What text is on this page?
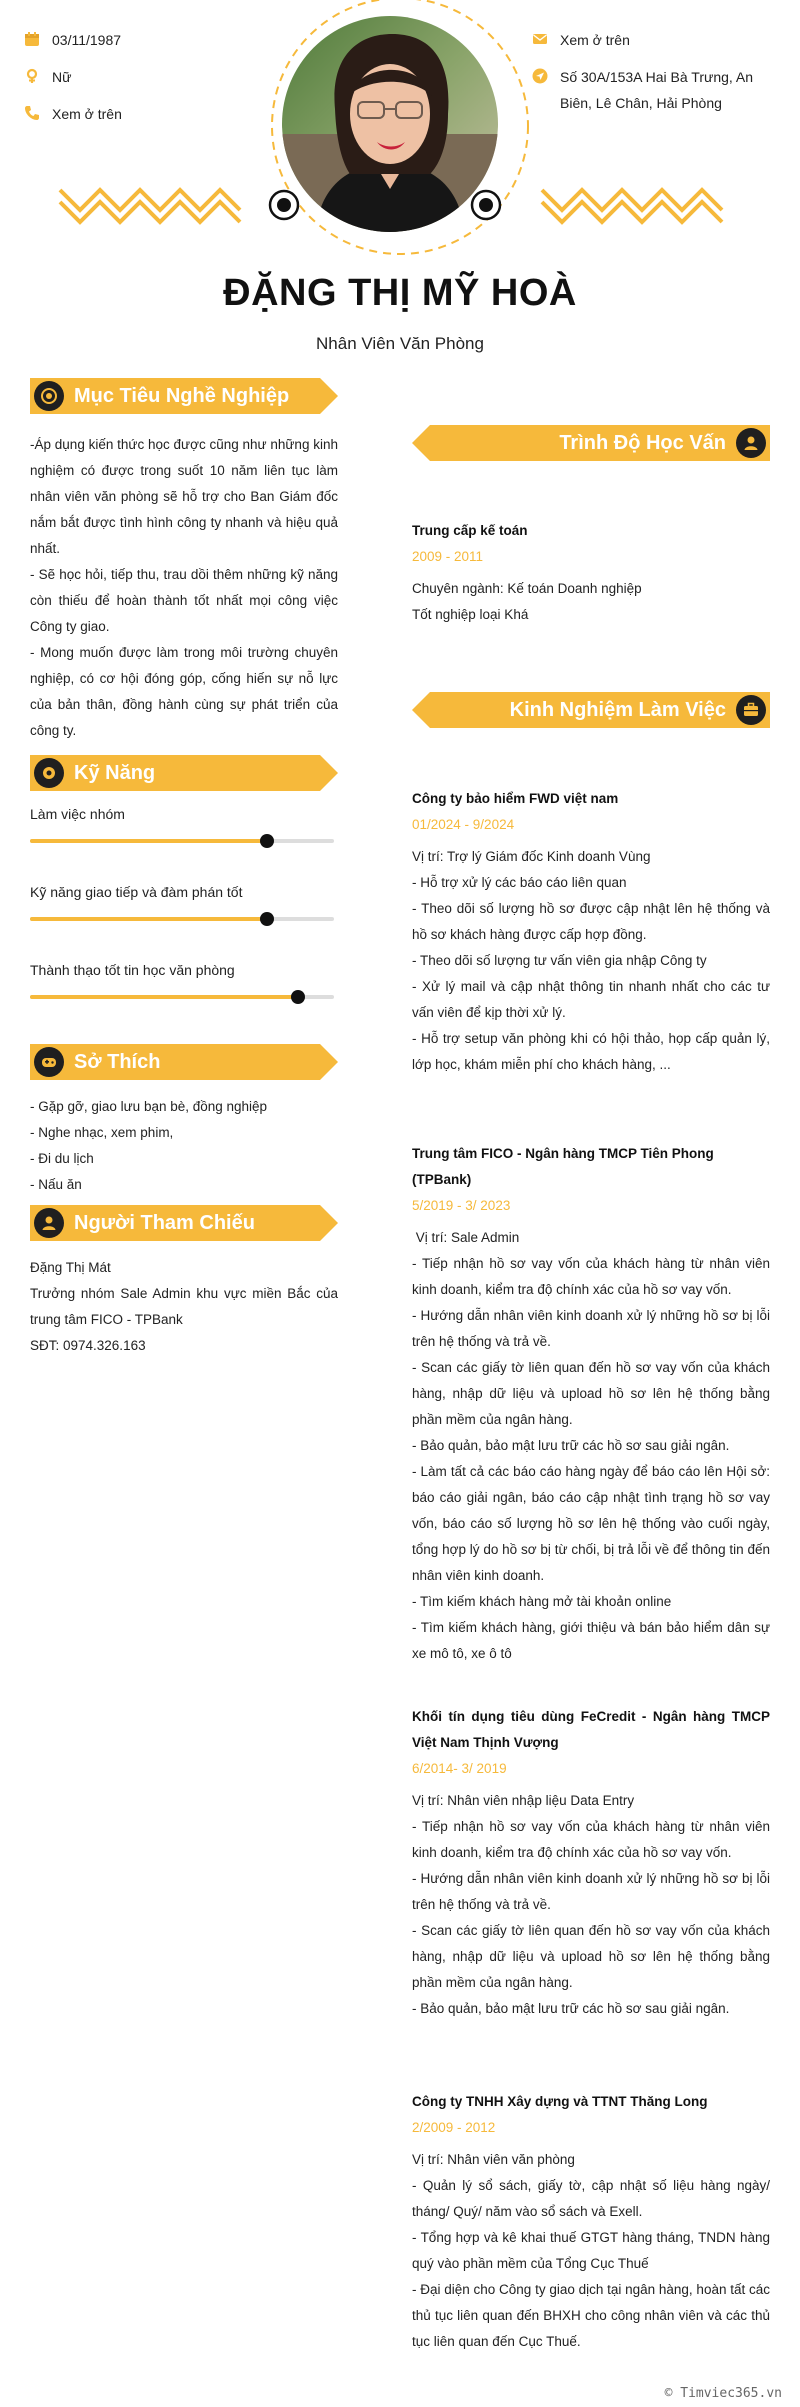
03/11/1987
Nữ
Xem ở trên
Xem ở trên
Số 30A/153A Hai Bà Trưng, An Biên, Lê Chân, Hải Phòng
ĐẶNG THỊ MỸ HOÀ
Nhân Viên Văn Phòng
Mục Tiêu Nghề Nghiệp

-Áp dụng kiến thức học được cũng như những kinh nghiệm có được trong suốt 10 năm liên tục làm nhân viên văn phòng sẽ hỗ trợ cho Ban Giám đốc nắm bắt được tình hình công ty nhanh và hiệu quả nhất.

- Sẽ học hỏi, tiếp thu, trau dồi thêm những kỹ năng còn thiếu để hoàn thành tốt nhất mọi công việc Công ty giao.

- Mong muốn được làm trong môi trường chuyên nghiệp, có cơ hội đóng góp, cống hiến sự nỗ lực của bản thân, đồng hành cùng sự phát triển của công ty.

Kỹ Năng
Làm việc nhóm
Kỹ năng giao tiếp và đàm phán tốt
Thành thạo tốt tin học văn phòng
Sở Thích
- Gặp gỡ, giao lưu bạn bè, đồng nghiệp
- Nghe nhạc, xem phim,
- Đi du lịch
- Nấu ăn
Người Tham Chiếu

Đặng Thị Mát

Trưởng nhóm Sale Admin khu vực miền Bắc của trung tâm FICO - TPBank

SĐT: 0974.326.163

Trình Độ Học Vấn
Trung cấp kế toán
2009 - 2011

Chuyên ngành: Kế toán Doanh nghiệp

Tốt nghiệp loại Khá

Kinh Nghiệm Làm Việc
Công ty bảo hiểm FWD việt nam
01/2024 - 9/2024

Vị trí: Trợ lý Giám đốc Kinh doanh Vùng

- Hỗ trợ xử lý các báo cáo liên quan

- Theo dõi số lượng hồ sơ được cập nhật lên hệ thống và hồ sơ khách hàng được cấp hợp đồng.

- Theo dõi số lượng tư vấn viên gia nhập Công ty

- Xử lý mail và cập nhật thông tin nhanh nhất cho các tư vấn viên để kịp thời xử lý.

- Hỗ trợ setup văn phòng khi có hội thảo, họp cấp quản lý, lớp học, khám miễn phí cho khách hàng, ...

Trung tâm FICO - Ngân hàng TMCP Tiên Phong (TPBank)
5/2019 - 3/ 2023

Vị trí: Sale Admin

- Tiếp nhận hồ sơ vay vốn của khách hàng từ nhân viên kinh doanh, kiểm tra độ chính xác của hồ sơ vay vốn.

- Hướng dẫn nhân viên kinh doanh xử lý những hồ sơ bị lỗi trên hệ thống và trả về.

- Scan các giấy tờ liên quan đến hồ sơ vay vốn của khách hàng, nhập dữ liệu và upload hồ sơ lên hệ thống bằng phần mềm của ngân hàng.

- Bảo quản, bảo mật lưu trữ các hồ sơ sau giải ngân.

- Làm tất cả các báo cáo hàng ngày để báo cáo lên Hội sở: báo cáo giải ngân, báo cáo cập nhật tình trạng hồ sơ vay vốn, báo cáo số lượng hồ sơ lên hệ thống vào cuối ngày, tổng hợp lý do hồ sơ bị từ chối, bị trả lỗi về để thông tin đến nhân viên kinh doanh.

- Tìm kiếm khách hàng mở tài khoản online

- Tìm kiếm khách hàng, giới thiệu và bán bảo hiểm dân sự xe mô tô, xe ô tô

Khối tín dụng tiêu dùng FeCredit - Ngân hàng TMCP Việt Nam Thịnh Vượng
6/2014- 3/ 2019

Vị trí: Nhân viên nhập liệu Data Entry

- Tiếp nhận hồ sơ vay vốn của khách hàng từ nhân viên kinh doanh, kiểm tra độ chính xác của hồ sơ vay vốn.

- Hướng dẫn nhân viên kinh doanh xử lý những hồ sơ bị lỗi trên hệ thống và trả về.

- Scan các giấy tờ liên quan đến hồ sơ vay vốn của khách hàng, nhập dữ liệu và upload hồ sơ lên hệ thống bằng phần mềm của ngân hàng.

- Bảo quản, bảo mật lưu trữ các hồ sơ sau giải ngân.

Công ty TNHH Xây dựng và TTNT Thăng Long
2/2009 - 2012

Vị trí: Nhân viên văn phòng

- Quản lý sổ sách, giấy tờ, cập nhật số liệu hàng ngày/ tháng/ Quý/ năm vào sổ sách và Exell.

- Tổng hợp và kê khai thuế GTGT hàng tháng, TNDN hàng quý vào phần mềm của Tổng Cục Thuế

- Đại diện cho Công ty giao dịch tại ngân hàng, hoàn tất các thủ tục liên quan đến BHXH cho công nhân viên và các thủ tục liên quan đến Cục Thuế.

© Timviec365.vn
